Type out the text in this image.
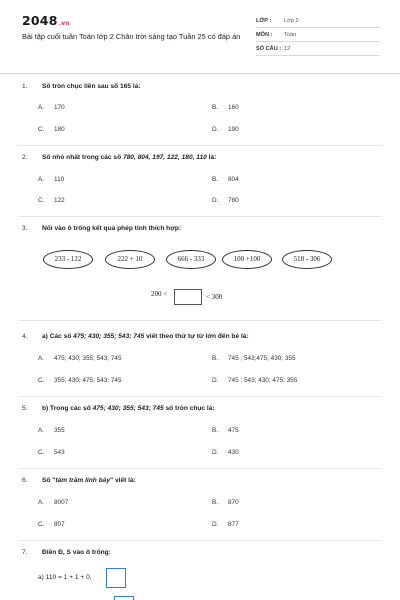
2048.vn
Bài tập cuối tuần Toán lớp 2 Chân trời sáng tạo Tuần 25 có đáp án
LỚP : Lớp 2
MÔN : Toán
SỐ CÂU : 12
1. Số tròn chục liền sau số 165 là:
A. 170	B. 160
C. 180	D. 190
2. Số nhỏ nhất trong các số 780, 804, 197, 122, 180, 110 là:
A. 110	B. 804
C. 122	D. 780
3. Nối vào ô trống kết quả phép tính thích hợp:
233 - 122	222 + 10	666 - 333	100 +100	518 - 306
200 <	< 300
4. a) Các số 475; 430; 355; 543; 745 viết theo thứ tự từ lớn đến bé là:
A. 475; 430; 355; 543; 745	B. 745 ; 543;475; 430; 355
C. 355; 430; 475; 543; 745	D. 745 ; 543; 430; 475; 355
5. b) Trong các số 475; 430; 355; 543; 745 số tròn chục là:
A. 355	B. 475
C. 543	D. 430
6. Số "tám trăm linh bảy" viết là:
A. 8007	B. 870
C. 807	D. 877
7. Điền Đ, S vào ô trống:
a) 110 = 1 + 1 + 0.
